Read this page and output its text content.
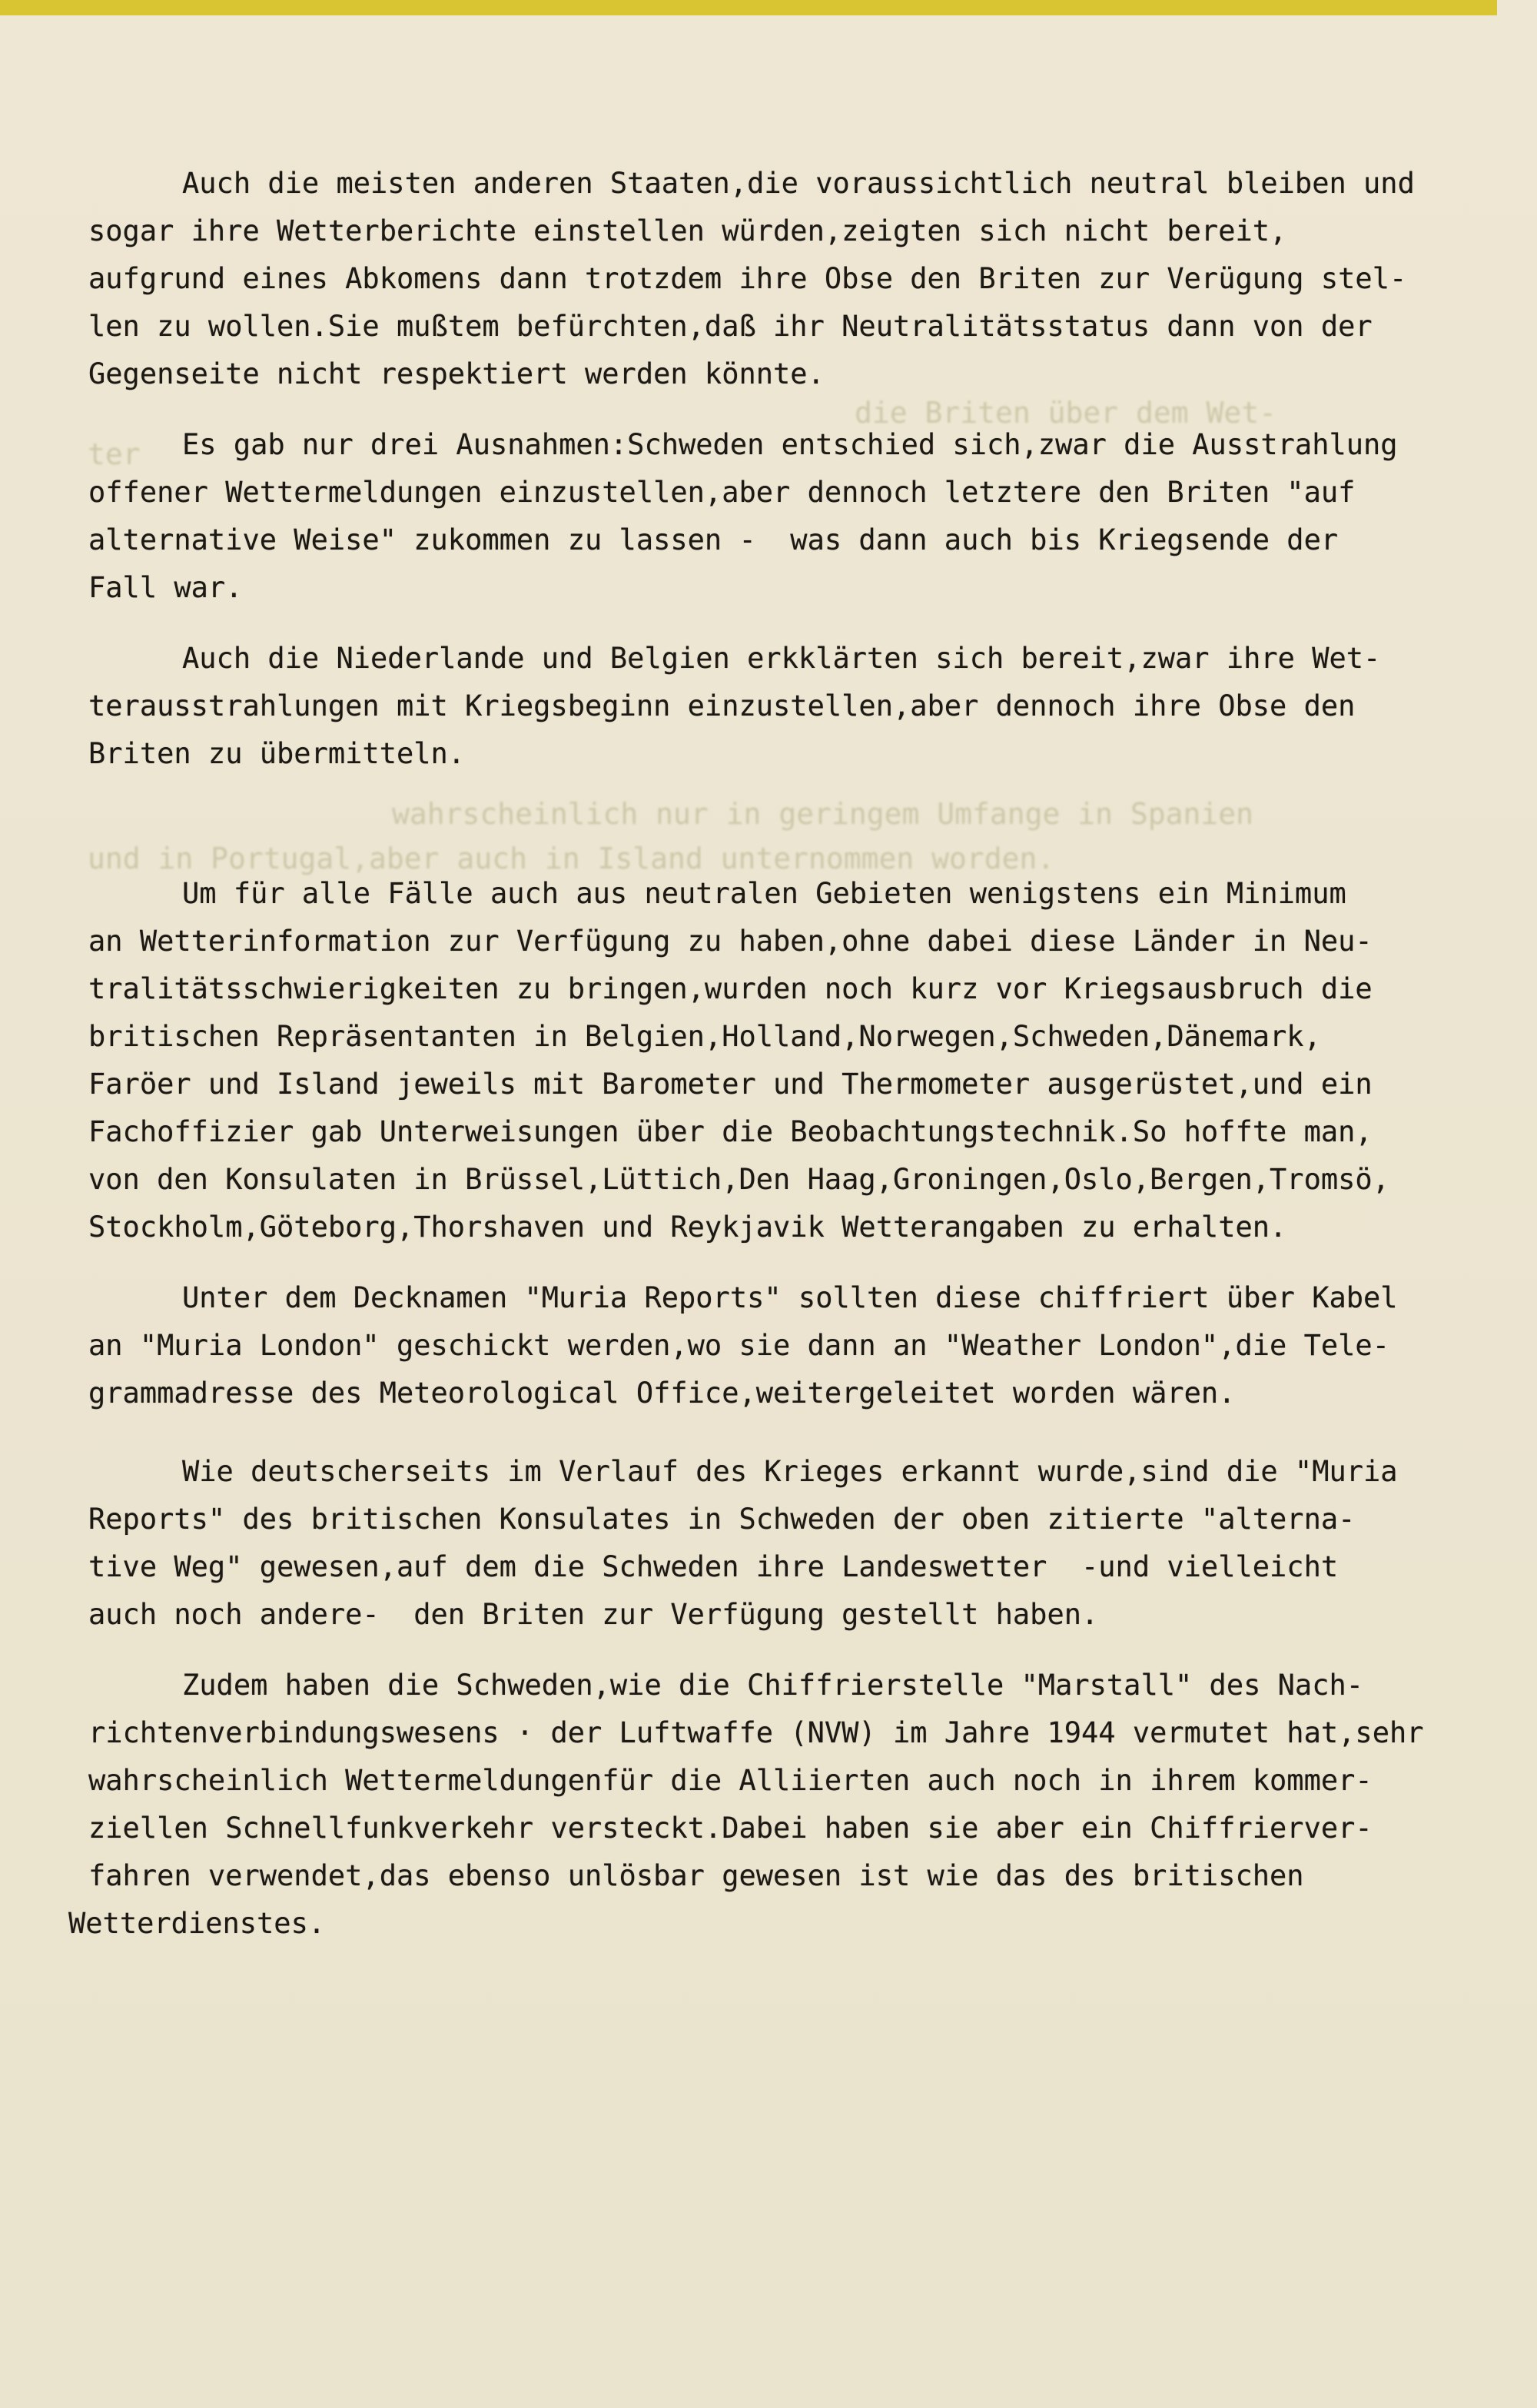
die Briten über dem Wet-
ter
wahrscheinlich nur in geringem Umfange in Spanien
und in Portugal,aber auch in Island unternommen worden.
Auch die meisten anderen Staaten,die voraussichtlich neutral bleiben und
sogar ihre Wetterberichte einstellen würden,zeigten sich nicht bereit,
aufgrund eines Abkomens dann trotzdem ihre Obse den Briten zur Verügung stel-
len zu wollen.Sie mußtem befürchten,daß ihr Neutralitätsstatus dann von der
Gegenseite nicht respektiert werden könnte.
Es gab nur drei Ausnahmen:Schweden entschied sich,zwar die Ausstrahlung
offener Wettermeldungen einzustellen,aber dennoch letztere den Briten "auf
alternative Weise" zukommen zu lassen -  was dann auch bis Kriegsende der
Fall war.
Auch die Niederlande und Belgien erkklärten sich bereit,zwar ihre Wet-
terausstrahlungen mit Kriegsbeginn einzustellen,aber dennoch ihre Obse den
Briten zu übermitteln.
Um für alle Fälle auch aus neutralen Gebieten wenigstens ein Minimum
an Wetterinformation zur Verfügung zu haben,ohne dabei diese Länder in Neu-
tralitätsschwierigkeiten zu bringen,wurden noch kurz vor Kriegsausbruch die
britischen Repräsentanten in Belgien,Holland,Norwegen,Schweden,Dänemark,
Faröer und Island jeweils mit Barometer und Thermometer ausgerüstet,und ein
Fachoffizier gab Unterweisungen über die Beobachtungstechnik.So hoffte man,
von den Konsulaten in Brüssel,Lüttich,Den Haag,Groningen,Oslo,Bergen,Tromsö,
Stockholm,Göteborg,Thorshaven und Reykjavik Wetterangaben zu erhalten.
Unter dem Decknamen "Muria Reports" sollten diese chiffriert über Kabel
an "Muria London" geschickt werden,wo sie dann an "Weather London",die Tele-
grammadresse des Meteorological Office,weitergeleitet worden wären.
Wie deutscherseits im Verlauf des Krieges erkannt wurde,sind die "Muria
Reports" des britischen Konsulates in Schweden der oben zitierte "alterna-
tive Weg" gewesen,auf dem die Schweden ihre Landeswetter  -und vielleicht
auch noch andere-  den Briten zur Verfügung gestellt haben.
Zudem haben die Schweden,wie die Chiffrierstelle "Marstall" des Nach-
richtenverbindungswesens · der Luftwaffe (NVW) im Jahre 1944 vermutet hat,sehr
wahrscheinlich Wettermeldungenfür die Alliierten auch noch in ihrem kommer-
ziellen Schnellfunkverkehr versteckt.Dabei haben sie aber ein Chiffrierver-
fahren verwendet,das ebenso unlösbar gewesen ist wie das des britischen
Wetterdienstes.
